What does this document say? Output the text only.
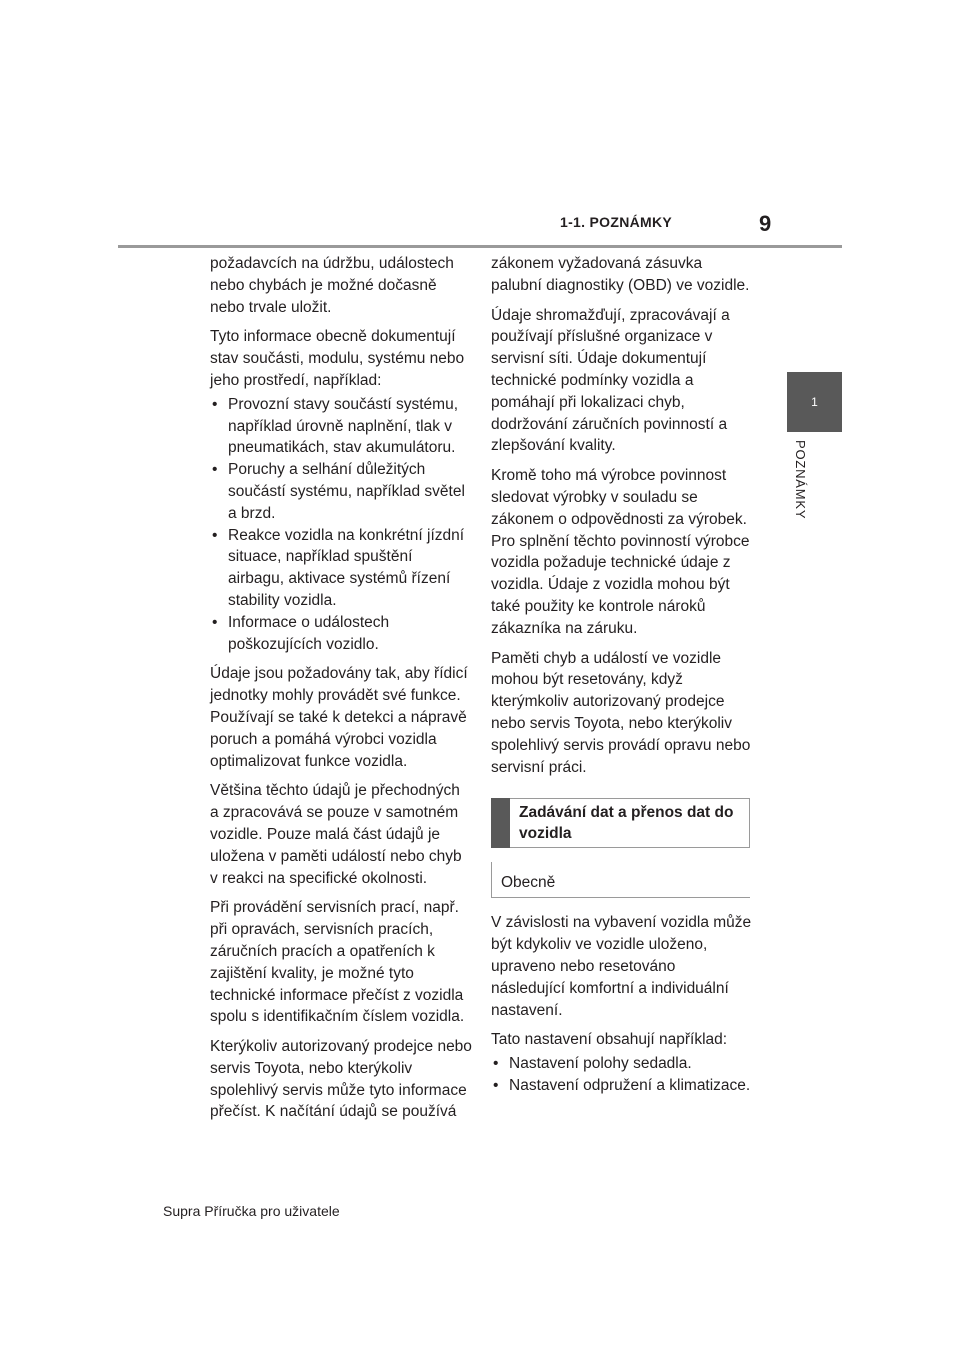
1-1. POZNÁMKY	9
1
POZNÁMKY

požadavcích na údržbu, událostech nebo chybách je možné dočasně nebo trvale uložit.

Tyto informace obecně dokumentují stav součásti, modulu, systému nebo jeho prostředí, například:

• Provozní stavy součástí systému, například úrovně naplnění, tlak v pneumatikách, stav akumulátoru.
• Poruchy a selhání důležitých součástí systému, například světel a brzd.
• Reakce vozidla na konkrétní jízdní situace, například spuštění airbagu, aktivace systémů řízení stability vozidla.
• Informace o událostech poškozujících vozidlo.

Údaje jsou požadovány tak, aby řídicí jednotky mohly provádět své funkce. Používají se také k detekci a nápravě poruch a pomáhá výrobci vozidla optimalizovat funkce vozidla.

Většina těchto údajů je přechodných a zpracovává se pouze v samotném vozidle. Pouze malá část údajů je uložena v paměti událostí nebo chyb v reakci na specifické okolnosti.

Při provádění servisních prací, např. při opravách, servisních pracích, záručních pracích a opatřeních k zajištění kvality, je možné tyto technické informace přečíst z vozidla spolu s identifikačním číslem vozidla.

Kterýkoliv autorizovaný prodejce nebo servis Toyota, nebo kterýkoliv spolehlivý servis může tyto informace přečíst. K načítání údajů se používá

zákonem vyžadovaná zásuvka palubní diagnostiky (OBD) ve vozidle.

Údaje shromažďují, zpracovávají a používají příslušné organizace v servisní síti. Údaje dokumentují technické podmínky vozidla a pomáhají při lokalizaci chyb, dodržování záručních povinností a zlepšování kvality.

Kromě toho má výrobce povinnost sledovat výrobky v souladu se zákonem o odpovědnosti za výrobek. Pro splnění těchto povinností výrobce vozidla požaduje technické údaje z vozidla. Údaje z vozidla mohou být také použity ke kontrole nároků zákazníka na záruku.

Paměti chyb a událostí ve vozidle mohou být resetovány, když kterýmkoliv autorizovaný prodejce nebo servis Toyota, nebo kterýkoliv spolehlivý servis provádí opravu nebo servisní práci.

Zadávání dat a přenos dat do vozidla
Obecně

V závislosti na vybavení vozidla může být kdykoliv ve vozidle uloženo, upraveno nebo resetováno následující komfortní a individuální nastavení.

Tato nastavení obsahují například:

• Nastavení polohy sedadla.
• Nastavení odpružení a klimatizace.
Supra Příručka pro uživatele
